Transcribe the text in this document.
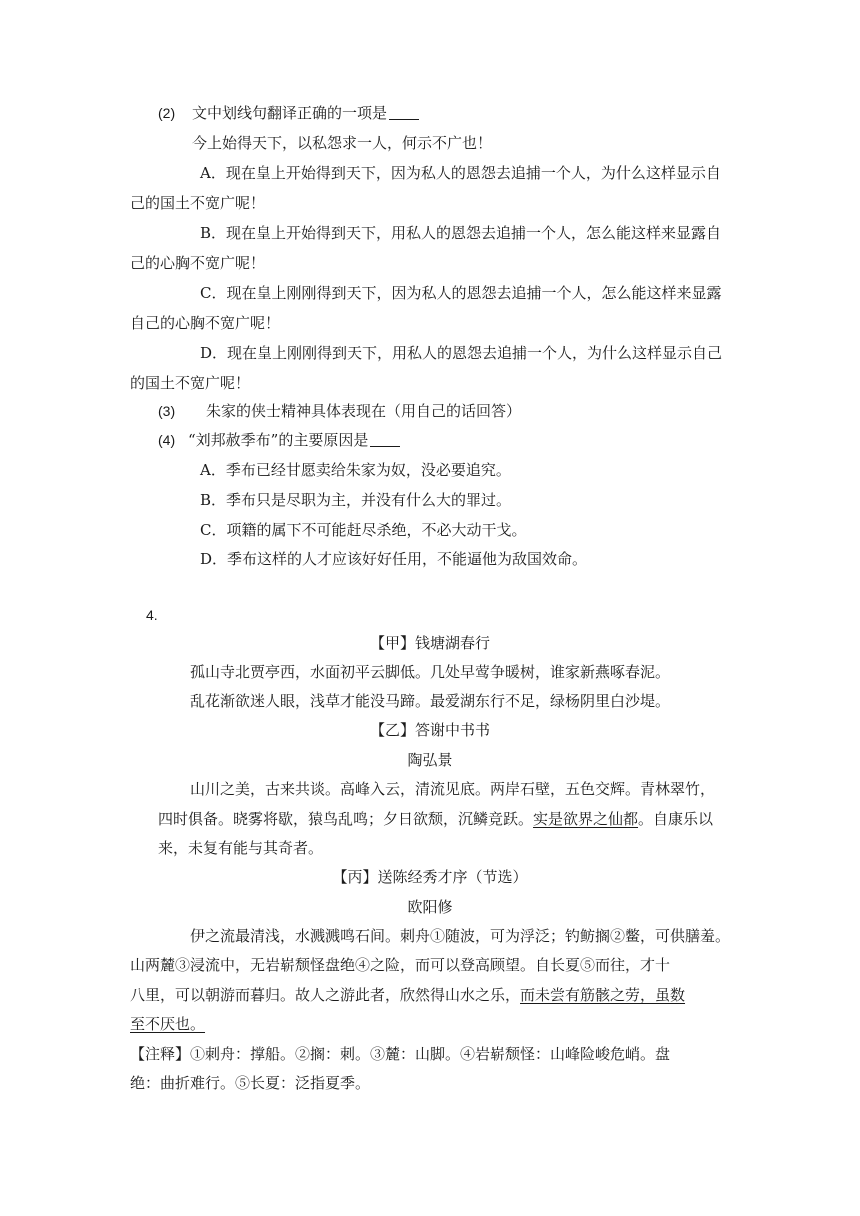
(2) 文中划线句翻译正确的一项是
今上始得天下，以私怨求一人，何示不广也！
A．现在皇上开始得到天下，因为私人的恩怨去追捕一个人，为什么这样显示自
己的国土不宽广呢！
B．现在皇上开始得到天下，用私人的恩怨去追捕一个人，怎么能这样来显露自
己的心胸不宽广呢！
C．现在皇上刚刚得到天下，因为私人的恩怨去追捕一个人，怎么能这样来显露
自己的心胸不宽广呢！
D．现在皇上刚刚得到天下，用私人的恩怨去追捕一个人，为什么这样显示自己
的国土不宽广呢！
(3) 朱家的侠士精神具体表现在（用自己的话回答）
(4) “刘邦赦季布”的主要原因是
A．季布已经甘愿卖给朱家为奴，没必要追究。
B．季布只是尽职为主，并没有什么大的罪过。
C．项籍的属下不可能赶尽杀绝，不必大动干戈。
D．季布这样的人才应该好好任用，不能逼他为敌国效命。
4.
【甲】钱塘湖春行
孤山寺北贾亭西，水面初平云脚低。几处早莺争暖树，谁家新燕啄春泥。
乱花渐欲迷人眼，浅草才能没马蹄。最爱湖东行不足，绿杨阴里白沙堤。
【乙】答谢中书书
陶弘景
山川之美，古来共谈。高峰入云，清流见底。两岸石壁，五色交辉。青林翠竹，
四时俱备。晓雾将歇，猿鸟乱鸣；夕日欲颓，沉鳞竞跃。实是欲界之仙都。自康乐以
来，未复有能与其奇者。
【丙】送陈经秀才序（节选）
欧阳修
伊之流最清浅，水溅溅鸣石间。刺舟①随波，可为浮泛；钓鲂搁②鳖，可供膳羞。
山两麓③浸流中，无岩崭颓怪盘绝④之险，而可以登高顾望。自长夏⑤而往，才十
八里，可以朝游而暮归。故人之游此者，欣然得山水之乐，而未尝有筋骸之劳，虽数
至不厌也。
【注释】①刺舟：撑船。②搁：刺。③麓：山脚。④岩崭颓怪：山峰险峻危峭。盘
绝：曲折难行。⑤长夏：泛指夏季。
